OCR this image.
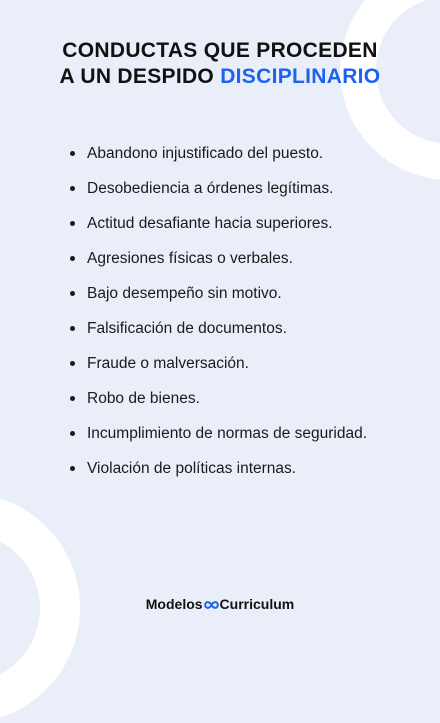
CONDUCTAS QUE PROCEDEN
A UN DESPIDO DISCIPLINARIO
Abandono injustificado del puesto.
Desobediencia a órdenes legítimas.
Actitud desafiante hacia superiores.
Agresiones físicas o verbales.
Bajo desempeño sin motivo.
Falsificación de documentos.
Fraude o malversación.
Robo de bienes.
Incumplimiento de normas de seguridad.
Violación de políticas internas.
Modelos Curriculum
